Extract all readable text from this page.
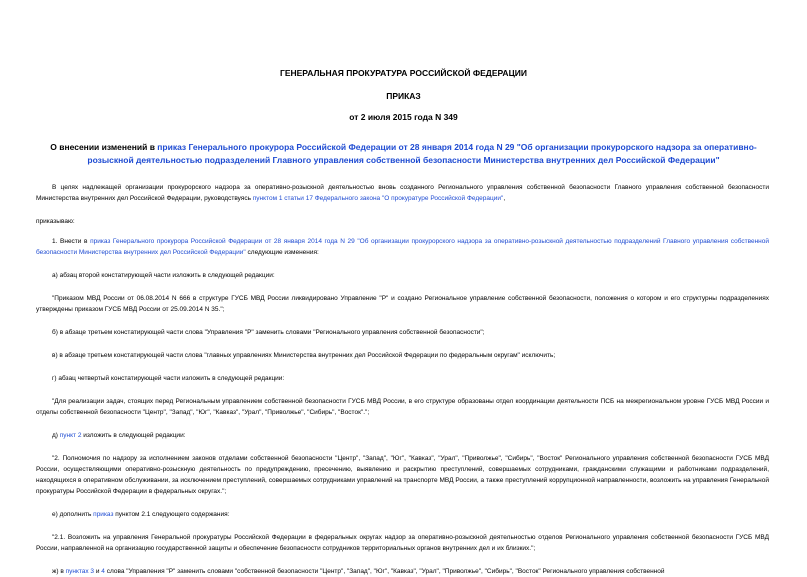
ГЕНЕРАЛЬНАЯ ПРОКУРАТУРА РОССИЙСКОЙ ФЕДЕРАЦИИ
ПРИКАЗ
от 2 июля 2015 года N 349
О внесении изменений в приказ Генерального прокурора Российской Федерации от 28 января 2014 года N 29 "Об организации прокурорского надзора за оперативно-розыскной деятельностью подразделений Главного управления собственной безопасности Министерства внутренних дел Российской Федерации"

В целях надлежащей организации прокурорского надзора за оперативно-розыскной деятельностью вновь созданного Регионального управления собственной безопасности Главного управления собственной безопасности Министерства внутренних дел Российской Федерации, руководствуясь пунктом 1 статьи 17 Федерального закона "О прокуратуре Российской Федерации",

приказываю:

1. Внести в приказ Генерального прокурора Российской Федерации от 28 января 2014 года N 29 "Об организации прокурорского надзора за оперативно-розыскной деятельностью подразделений Главного управления собственной безопасности Министерства внутренних дел Российской Федерации" следующие изменения:

а) абзац второй констатирующей части изложить в следующей редакции:

"Приказом МВД России от 06.08.2014 N 666 в структуре ГУСБ МВД России ликвидировано Управление "Р" и создано Региональное управление собственной безопасности, положения о котором и его структурны подразделениях утверждены приказом ГУСБ МВД России от 25.09.2014 N 35.";

б) в абзаце третьем констатирующей части слова "Управления "Р" заменить словами "Регионального управления собственной безопасности";

в) в абзаце третьем констатирующей части слова "главных управлениях Министерства внутренних дел Российской Федерации по федеральным округам" исключить;

г) абзац четвертый констатирующей части изложить в следующей редакции:

"Для реализации задач, стоящих перед Региональным управлением собственной безопасности ГУСБ МВД России, в его структуре образованы отдел координации деятельности ПСБ на межрегиональном уровне ГУСБ МВД России и отделы собственной безопасности "Центр", "Запад", "Юг", "Кавказ", "Урал", "Приволжье", "Сибирь", "Восток".";

д) пункт 2 изложить в следующей редакции:

"2. Полномочия по надзору за исполнением законов отделами собственной безопасности "Центр", "Запад", "Юг", "Кавказ", "Урал", "Приволжье", "Сибирь", "Восток" Регионального управления собственной безопасности ГУСБ МВД России, осуществляющими оперативно-розыскную деятельность по предупреждению, пресечению, выявлению и раскрытию преступлений, совершаемых сотрудниками, гражданскими служащими и работниками подразделений, находящихся в оперативном обслуживании, за исключением преступлений, совершаемых сотрудниками управлений на транспорте МВД России, а также преступлений коррупционной направленности, возложить на управления Генеральной прокуратуры Российской Федерации в федеральных округах.";

е) дополнить приказ пунктом 2.1 следующего содержания:

"2.1. Возложить на управления Генеральной прокуратуры Российской Федерации в федеральных округах надзор за оперативно-розыскной деятельностью отделов Регионального управления собственной безопасности ГУСБ МВД России, направленной на организацию государственной защиты и обеспечение безопасности сотрудников территориальных органов внутренних дел и их близких.";

ж) в пунктах 3 и 4 слова "Управления "Р" заменить словами "собственной безопасности "Центр", "Запад", "Юг", "Кавказ", "Урал", "Приволжье", "Сибирь", "Восток" Регионального управления собственной
